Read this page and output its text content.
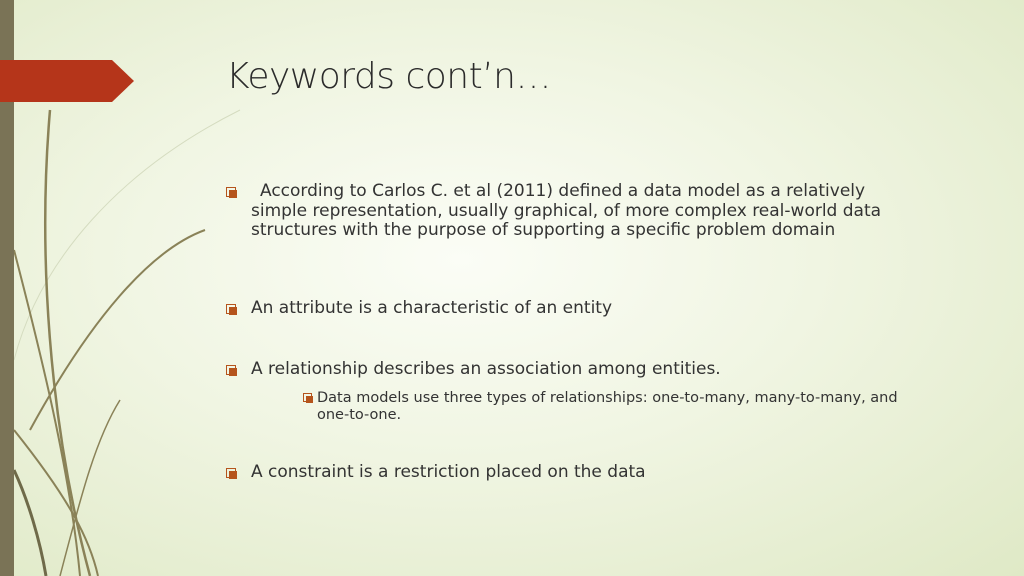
Keywords cont’n…
According to Carlos C. et al (2011) defined a data model as a relatively simple representation, usually graphical, of more complex real-world data structures with the purpose of supporting a specific problem domain
An attribute is a characteristic of an entity
A relationship describes an association among entities.
Data models use three types of relationships: one-to-many, many-to-many, and one-to-one.
A constraint is a restriction placed on the data
